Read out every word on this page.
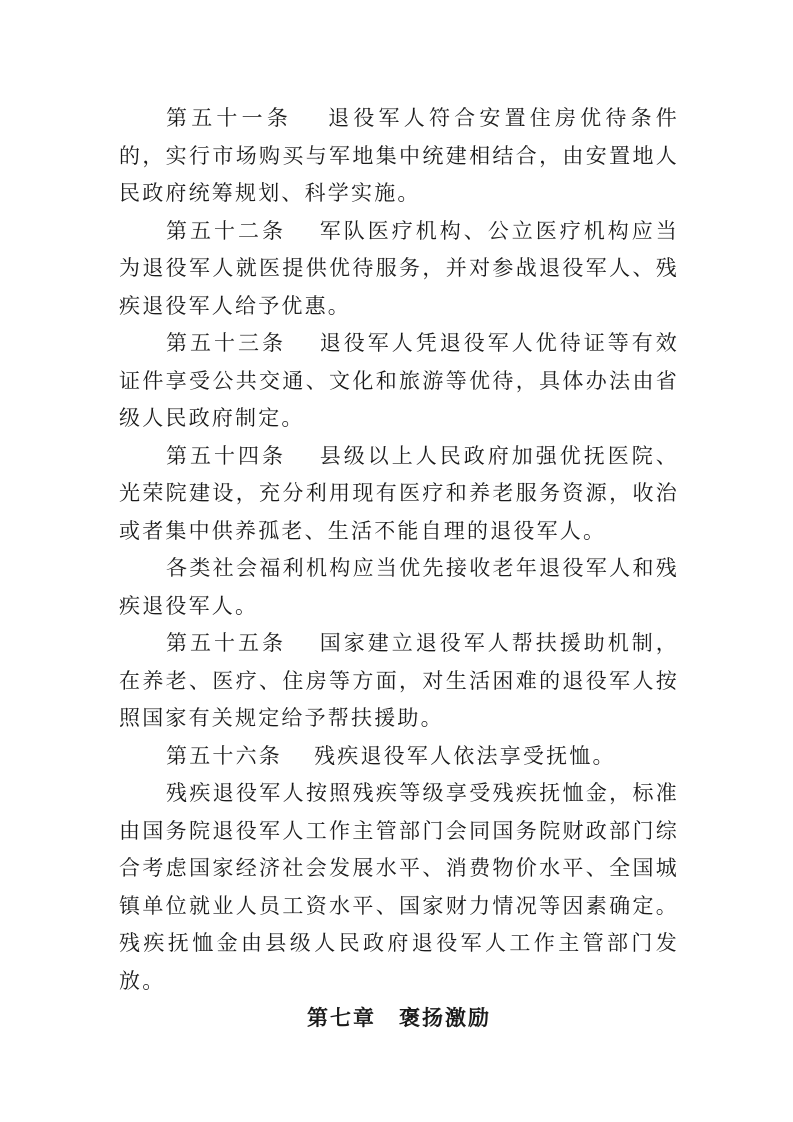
第五十一条　 退役军人符合安置住房优待条件的，实行市场购买与军地集中统建相结合，由安置地人民政府统筹规划、科学实施。

第五十二条　 军队医疗机构、公立医疗机构应当为退役军人就医提供优待服务，并对参战退役军人、残疾退役军人给予优惠。

第五十三条　 退役军人凭退役军人优待证等有效证件享受公共交通、文化和旅游等优待，具体办法由省级人民政府制定。

第五十四条　 县级以上人民政府加强优抚医院、光荣院建设，充分利用现有医疗和养老服务资源，收治或者集中供养孤老、生活不能自理的退役军人。

各类社会福利机构应当优先接收老年退役军人和残疾退役军人。

第五十五条　 国家建立退役军人帮扶援助机制，在养老、医疗、住房等方面，对生活困难的退役军人按照国家有关规定给予帮扶援助。

第五十六条　 残疾退役军人依法享受抚恤。

残疾退役军人按照残疾等级享受残疾抚恤金，标准由国务院退役军人工作主管部门会同国务院财政部门综合考虑国家经济社会发展水平、消费物价水平、全国城镇单位就业人员工资水平、国家财力情况等因素确定。残疾抚恤金由县级人民政府退役军人工作主管部门发放。

第七章　褒扬激励
